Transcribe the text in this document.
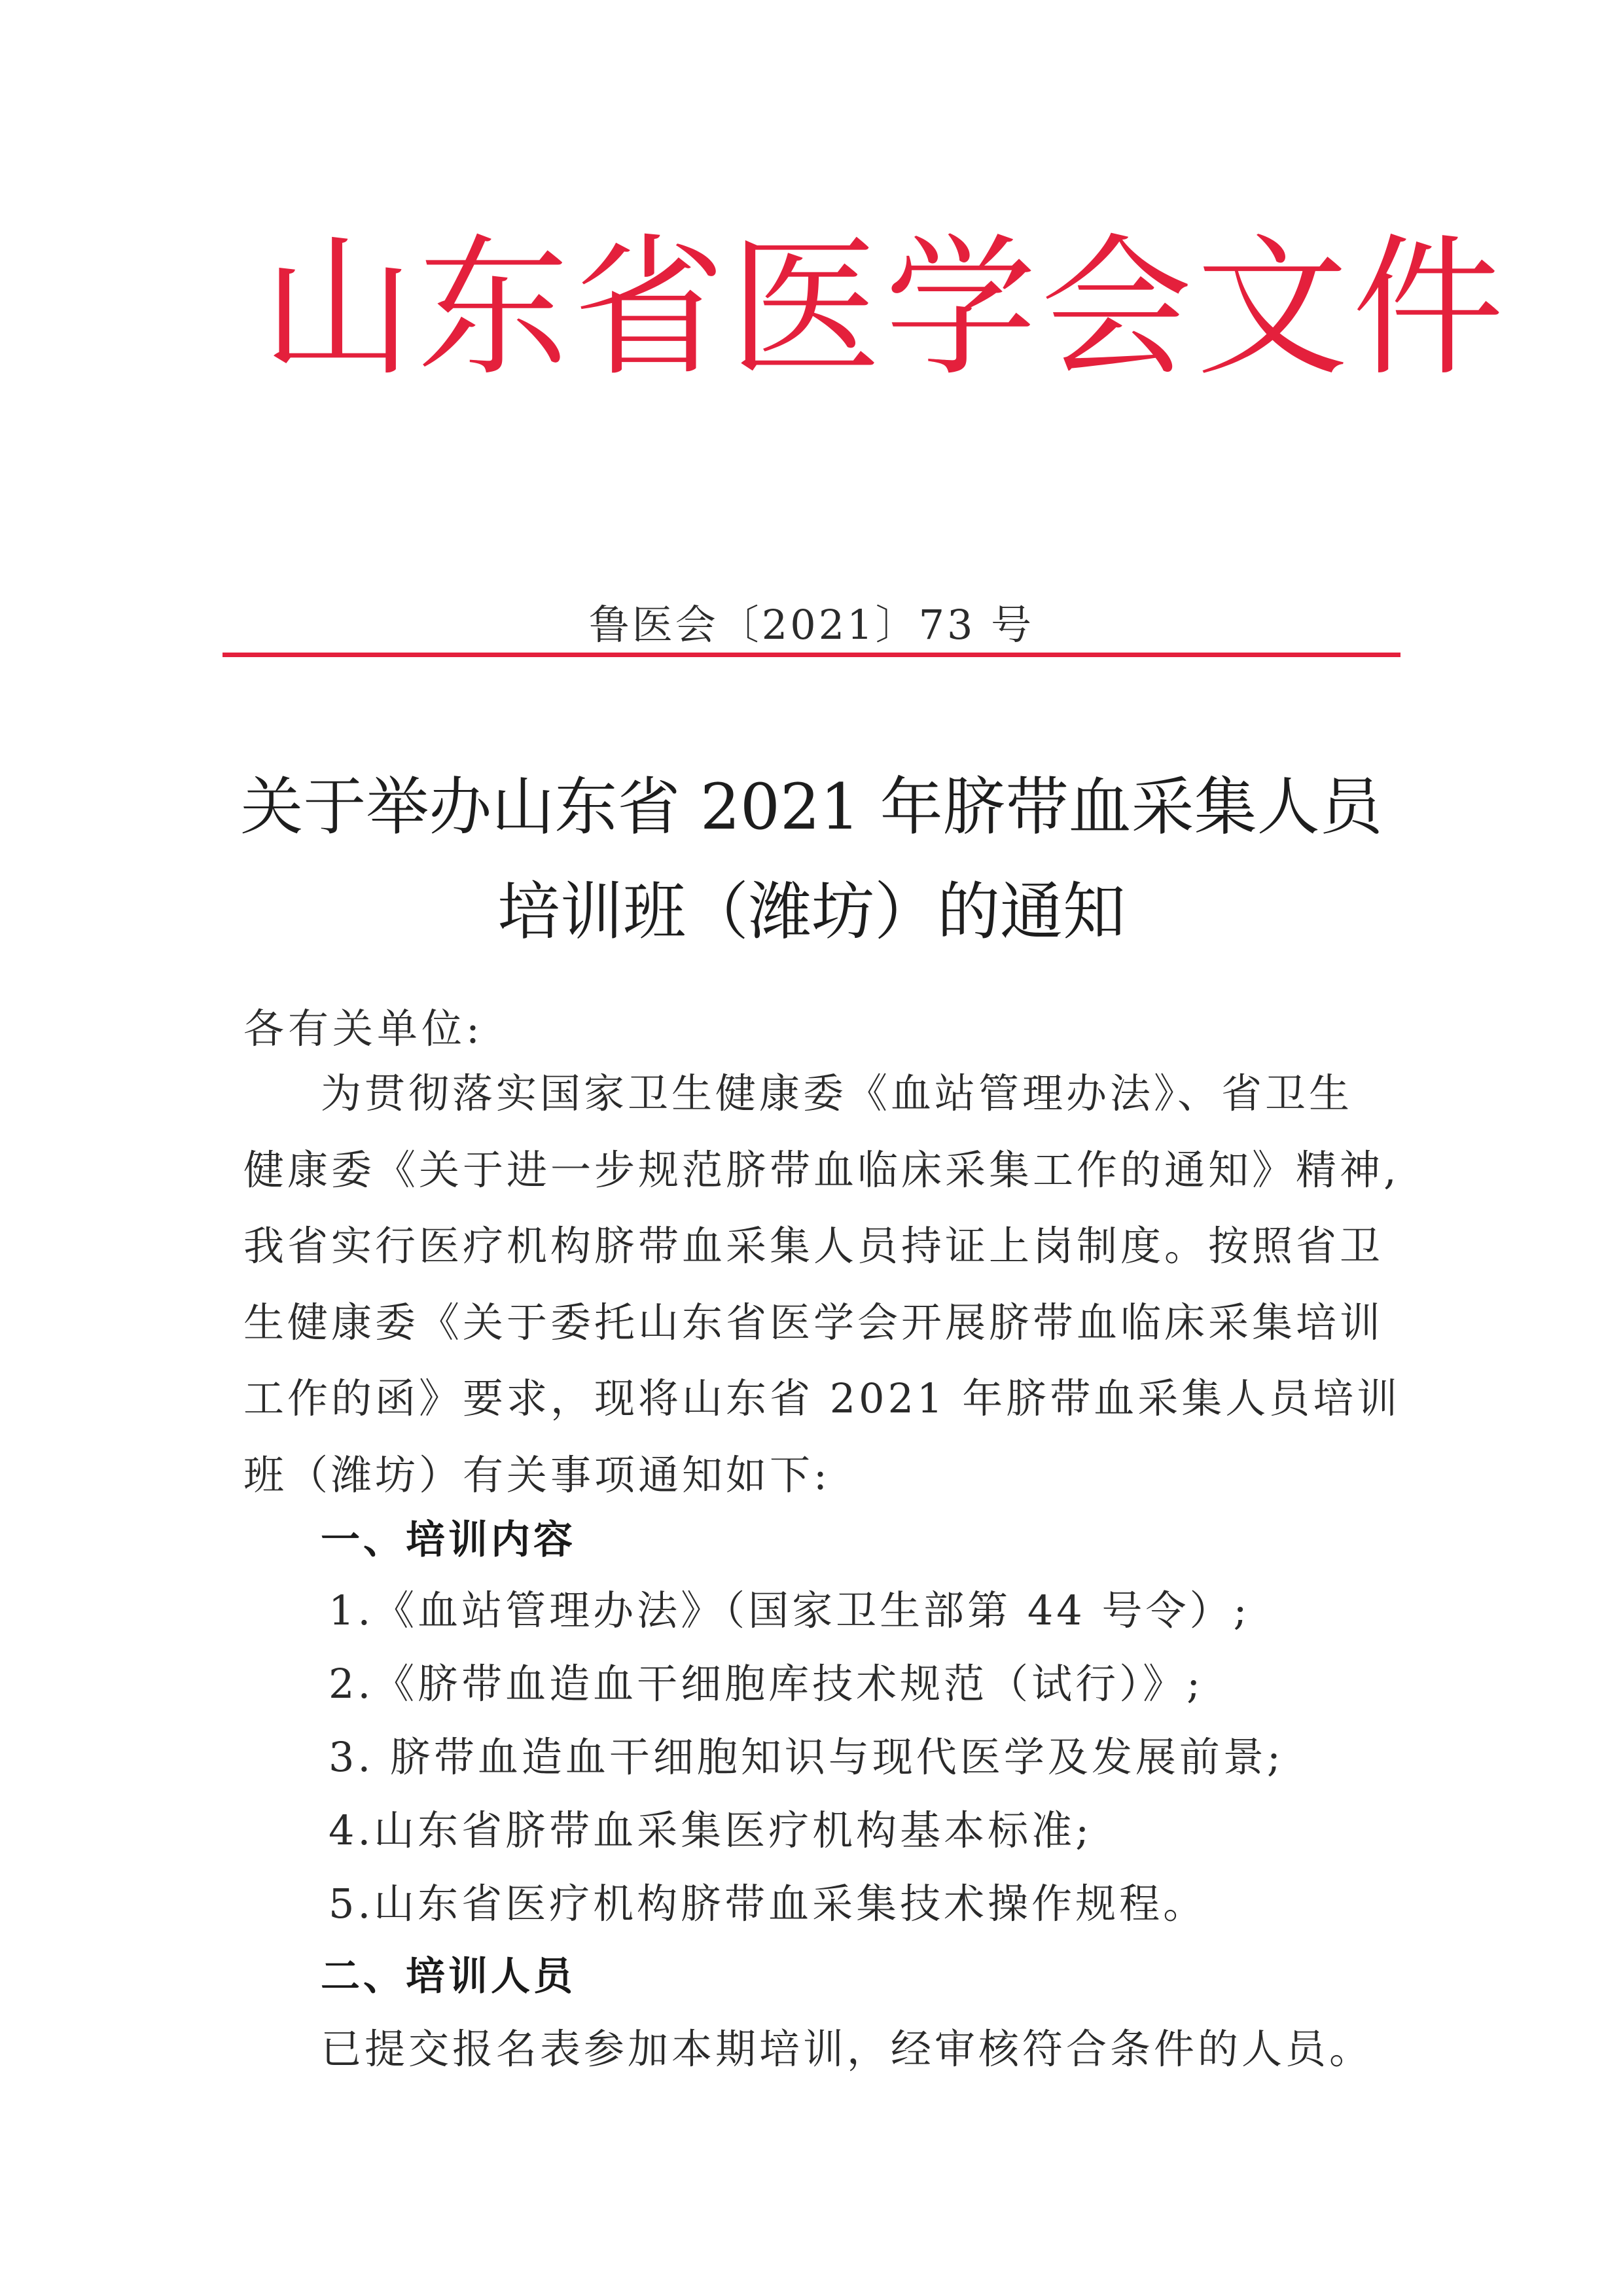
山东省医学会文件
鲁医会〔2021〕73 号
关于举办山东省 2021 年脐带血采集人员
培训班（潍坊）的通知
各有关单位:
为贯彻落实国家卫生健康委《血站管理办法》、省卫生
健康委《关于进一步规范脐带血临床采集工作的通知》精神,
我省实行医疗机构脐带血采集人员持证上岗制度。按照省卫
生健康委《关于委托山东省医学会开展脐带血临床采集培训
工作的函》要求，现将山东省 2021 年脐带血采集人员培训
班（潍坊）有关事项通知如下:
一、培训内容
1.《血站管理办法》（国家卫生部第 44 号令）;
2.《脐带血造血干细胞库技术规范（试行）》;
3. 脐带血造血干细胞知识与现代医学及发展前景;
4.山东省脐带血采集医疗机构基本标准;
5.山东省医疗机构脐带血采集技术操作规程。
二、培训人员
已提交报名表参加本期培训，经审核符合条件的人员。
